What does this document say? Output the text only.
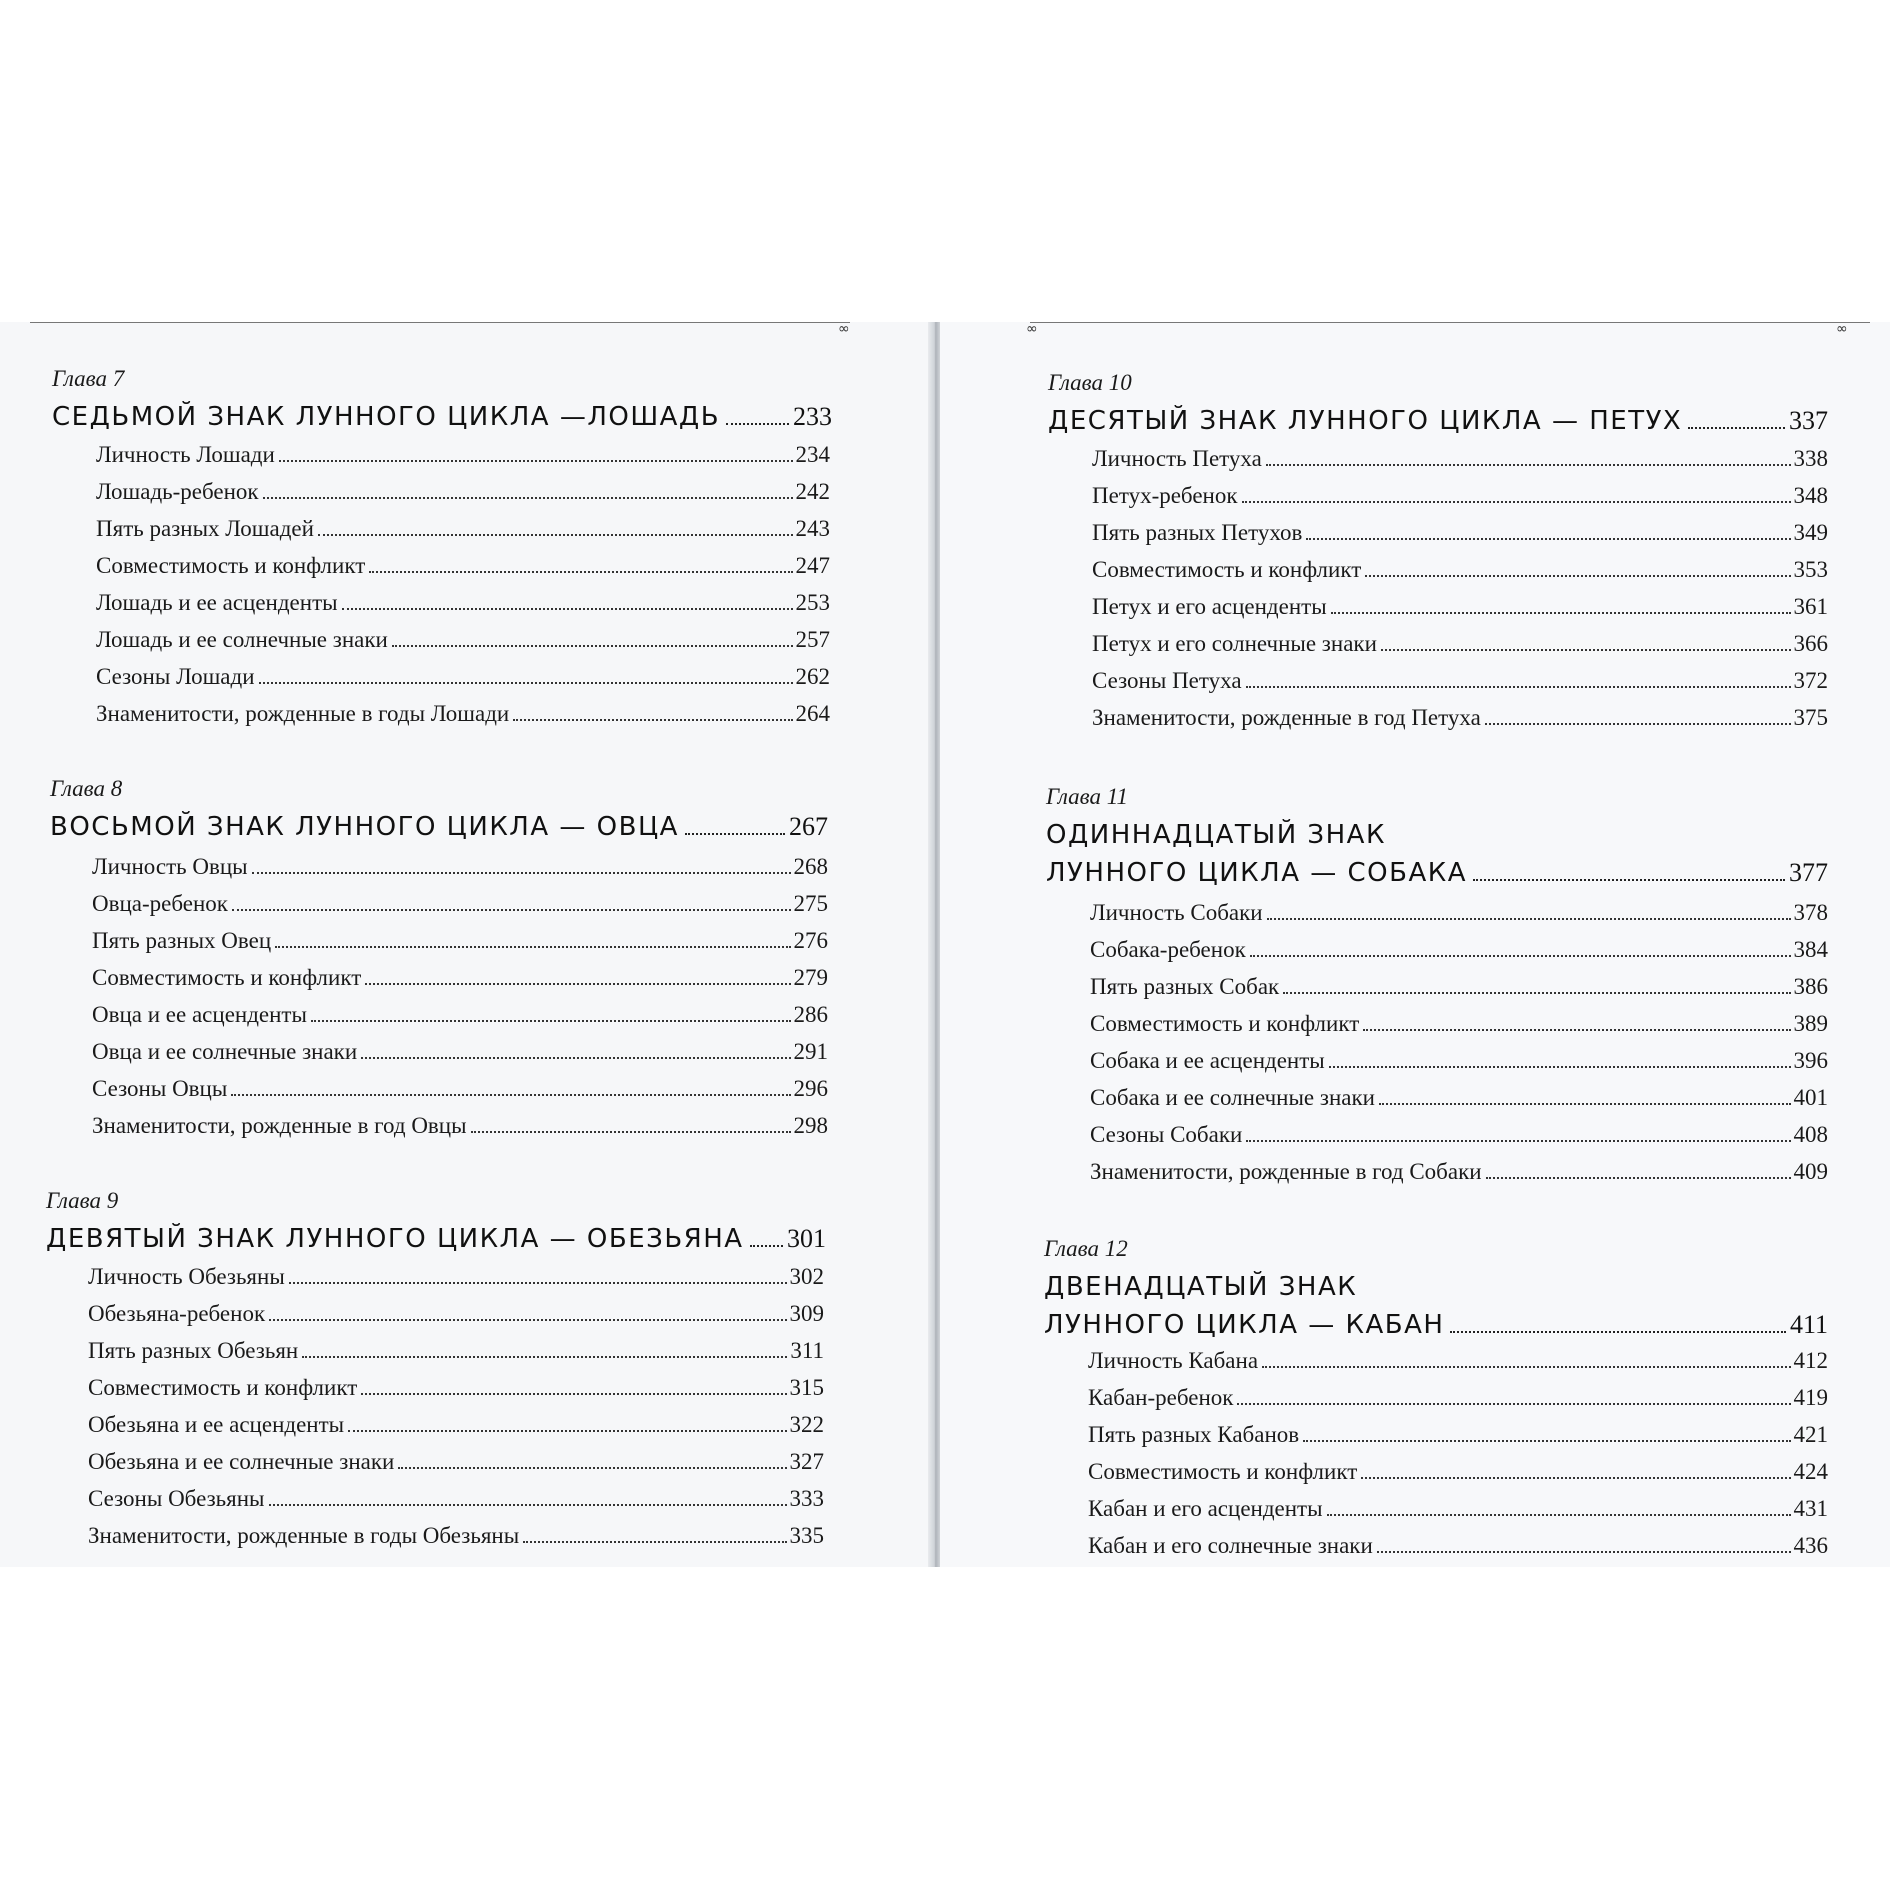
∞
Глава 7
СЕДЬМОЙ ЗНАК ЛУННОГО ЦИКЛА —ЛОШАДЬ	233
Личность Лошади	234
Лошадь-ребенок	242
Пять разных Лошадей	243
Совместимость и конфликт	247
Лошадь и ее асценденты	253
Лошадь и ее солнечные знаки	257
Сезоны Лошади	262
Знаменитости, рожденные в годы Лошади	264
Глава 8
ВОСЬМОЙ ЗНАК ЛУННОГО ЦИКЛА — ОВЦА	267
Личность Овцы	268
Овца-ребенок	275
Пять разных Овец	276
Совместимость и конфликт	279
Овца и ее асценденты	286
Овца и ее солнечные знаки	291
Сезоны Овцы	296
Знаменитости, рожденные в год Овцы	298
Глава 9
ДЕВЯТЫЙ ЗНАК ЛУННОГО ЦИКЛА — ОБЕЗЬЯНА 301
Личность Обезьяны	302
Обезьяна-ребенок	309
Пять разных Обезьян	311
Совместимость и конфликт	315
Обезьяна и ее асценденты	322
Обезьяна и ее солнечные знаки	327
Сезоны Обезьяны	333
Знаменитости, рожденные в годы Обезьяны	335
∞	∞
Глава 10
ДЕСЯТЫЙ ЗНАК ЛУННОГО ЦИКЛА — ПЕТУХ	337
Личность Петуха	338
Петух-ребенок	348
Пять разных Петухов	349
Совместимость и конфликт	353
Петух и его асценденты	361
Петух и его солнечные знаки	366
Сезоны Петуха	372
Знаменитости, рожденные в год Петуха	375
Глава 11
ОДИННАДЦАТЫЙ ЗНАК
ЛУННОГО ЦИКЛА — СОБАКА	377
Личность Собаки	378
Собака-ребенок	384
Пять разных Собак	386
Совместимость и конфликт	389
Собака и ее асценденты	396
Собака и ее солнечные знаки	401
Сезоны Собаки	408
Знаменитости, рожденные в год Собаки	409
Глава 12
ДВЕНАДЦАТЫЙ ЗНАК
ЛУННОГО ЦИКЛА — КАБАН	411
Личность Кабана	412
Кабан-ребенок	419
Пять разных Кабанов	421
Совместимость и конфликт	424
Кабан и его асценденты	431
Кабан и его солнечные знаки	436
